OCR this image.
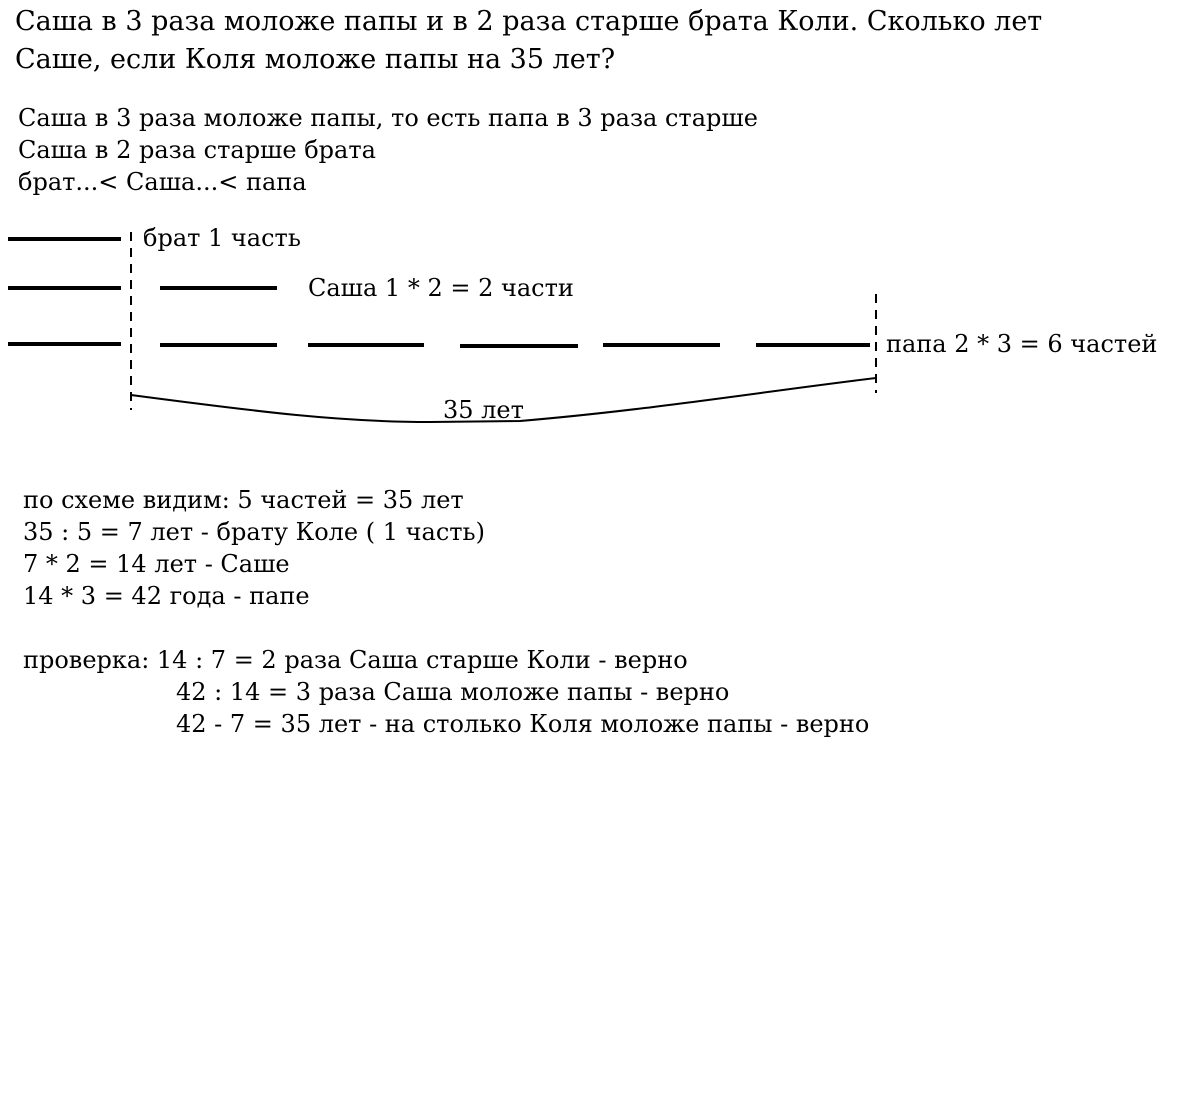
Саша в 3 раза моложе папы и в 2 раза старше брата Коли. Сколько лет
Саше, если Коля моложе папы на 35 лет?
Саша в 3 раза моложе папы, то есть папа в 3 раза старше
Саша в 2 раза старше брата
брат...< Саша...< папа
брат 1 часть
Саша 1 * 2 = 2 части
папа 2 * 3 = 6 частей
35 лет
по схеме видим: 5 частей = 35 лет
35 : 5 = 7 лет - брату Коле ( 1 часть)
7 * 2 = 14 лет - Саше
14 * 3 = 42 года - папе
проверка: 14 : 7 = 2 раза Саша старше Коли - верно
42 : 14 = 3 раза Саша моложе папы - верно
42 - 7 = 35 лет - на столько Коля моложе папы - верно
